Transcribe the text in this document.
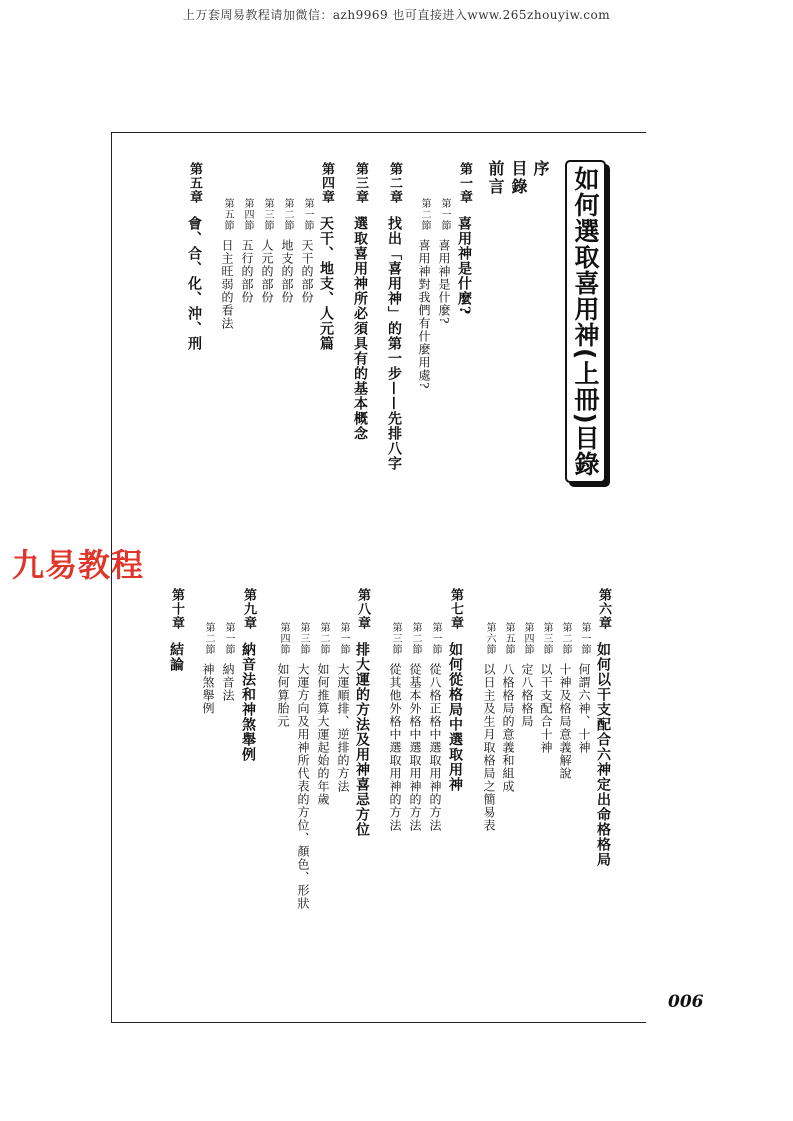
上万套周易教程请加微信：azh9969 也可直接进入www.265zhouyiw.com
如何選取喜用神(上冊)目錄
序
目錄
前言
第一章喜用神是什麼?
第一節喜用神是什麼?
第二節喜用神對我們有什麼用處?
第二章找出「喜用神」的第一步——先排八字
第三章選取喜用神所必須具有的基本概念
第四章天干、地支、人元篇
第一節天干的部份
第二節地支的部份
第三節人元的部份
第四節五行的部份
第五節日主旺弱的看法
第五章會、合、化、沖、刑
第六章如何以干支配合六神定出命格格局
第一節何謂六神、十神
第二節十神及格局意義解說
第三節以干支配合十神
第四節定八格格局
第五節八格格局的意義和組成
第六節以日主及生月取格局之簡易表
第七章如何從格局中選取用神
第一節從八格正格中選取用神的方法
第二節從基本外格中選取用神的方法
第三節從其他外格中選取用神的方法
第八章排大運的方法及用神喜忌方位
第一節大運順排、逆排的方法
第二節如何推算大運起始的年歲
第三節大運方向及用神所代表的方位、顏色、形狀
第四節如何算胎元
第九章納音法和神煞舉例
第一節納音法
第二節神煞舉例
第十章結論
九易教程
006
